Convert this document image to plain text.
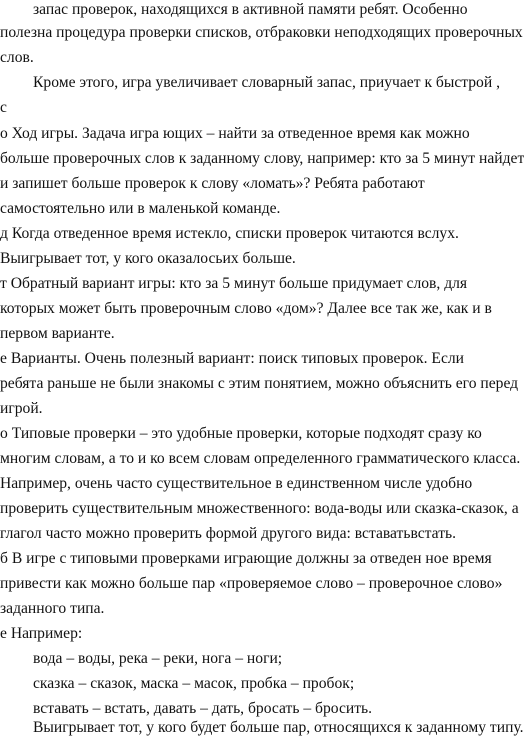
запас проверок, находящихся в активной памяти ребят. Особенно
полезна процедура проверки списков, отбраковки неподходящих проверочных
слов.
Кроме этого, игра увеличивает словарный запас, приучает к быстрой ,
с
о Ход игры. Задача игра ющих – найти за отведенное время как можно
больше проверочных слов к заданному слову, например: кто за 5 минут найдет
и запишет больше проверок к слову «ломать»? Ребята работают
самостоятельно или в маленькой команде.
д Когда отведенное время истекло, списки проверок читаются вслух.
Выигрывает тот, у кого оказалосьих больше.
т Обратный вариант игры: кто за 5 минут больше придумает слов, для
которых может быть проверочным слово «дом»? Далее все так же, как и в
первом варианте.
е Варианты. Очень полезный вариант: поиск типовых проверок. Если
ребята раньше не были знакомы с этим понятием, можно объяснить его перед
игрой.
о Типовые проверки – это удобные проверки, которые подходят сразу ко
многим словам, а то и ко всем словам определенного грамматического класса.
Например, очень часто существительное в единственном числе удобно
проверить существительным множественного: вода-воды или сказка-сказок, а
глагол часто можно проверить формой другого вида: вставатьвстать.
б В игре с типовыми проверками играющие должны за отведен ное время
привести как можно больше пар «проверяемое слово – проверочное слово»
заданного типа.
е Например:
вода – воды, река – реки, нога – ноги;
сказка – сказок, маска – масок, пробка – пробок;
вставать – встать, давать – дать, бросать – бросить.
Выигрывает тот, у кого будет больше пар, относящихся к заданному типу.
